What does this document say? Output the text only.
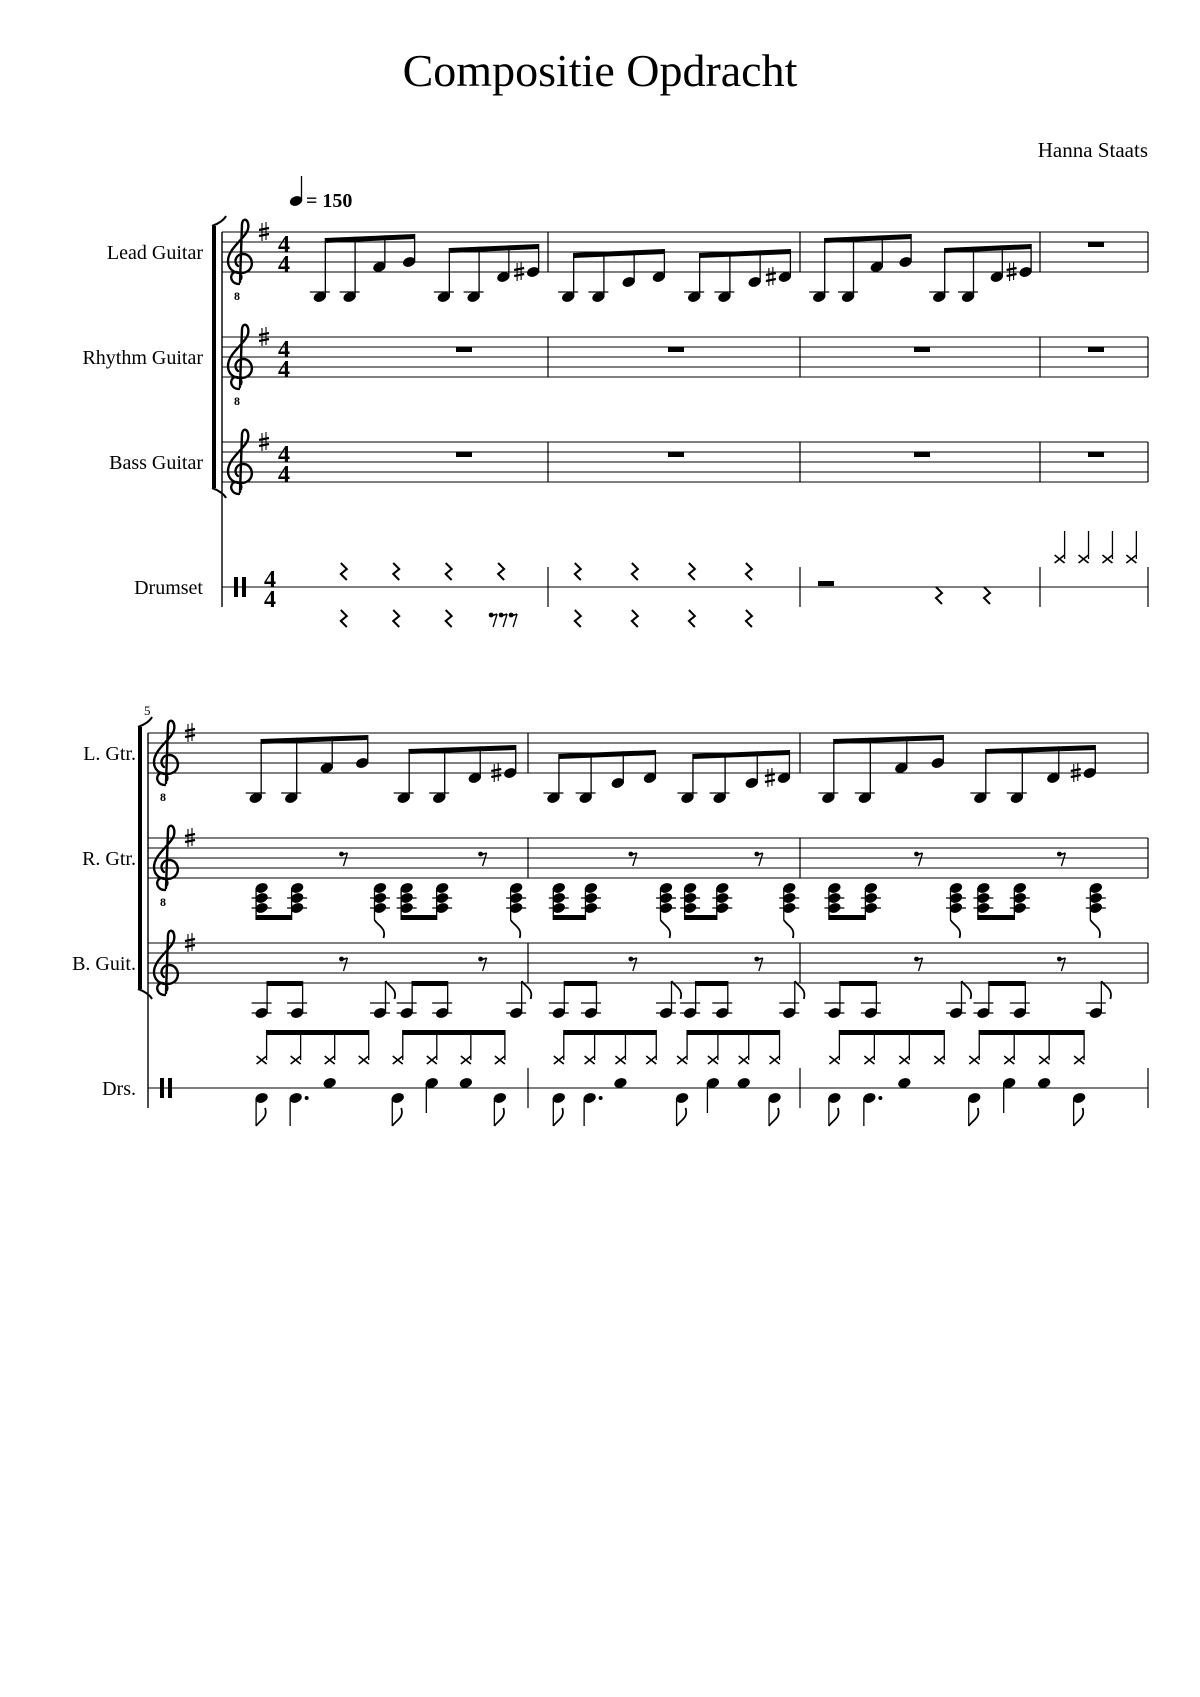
Compositie Opdracht
Hanna Staats
Lead Guitar
8
4
4
Rhythm Guitar
8
4
4
Bass Guitar	4
4
Drumset	4
4
= 150
L. Gtr.
8
R. Gtr.
8
B. Guit.
Drs.
5
